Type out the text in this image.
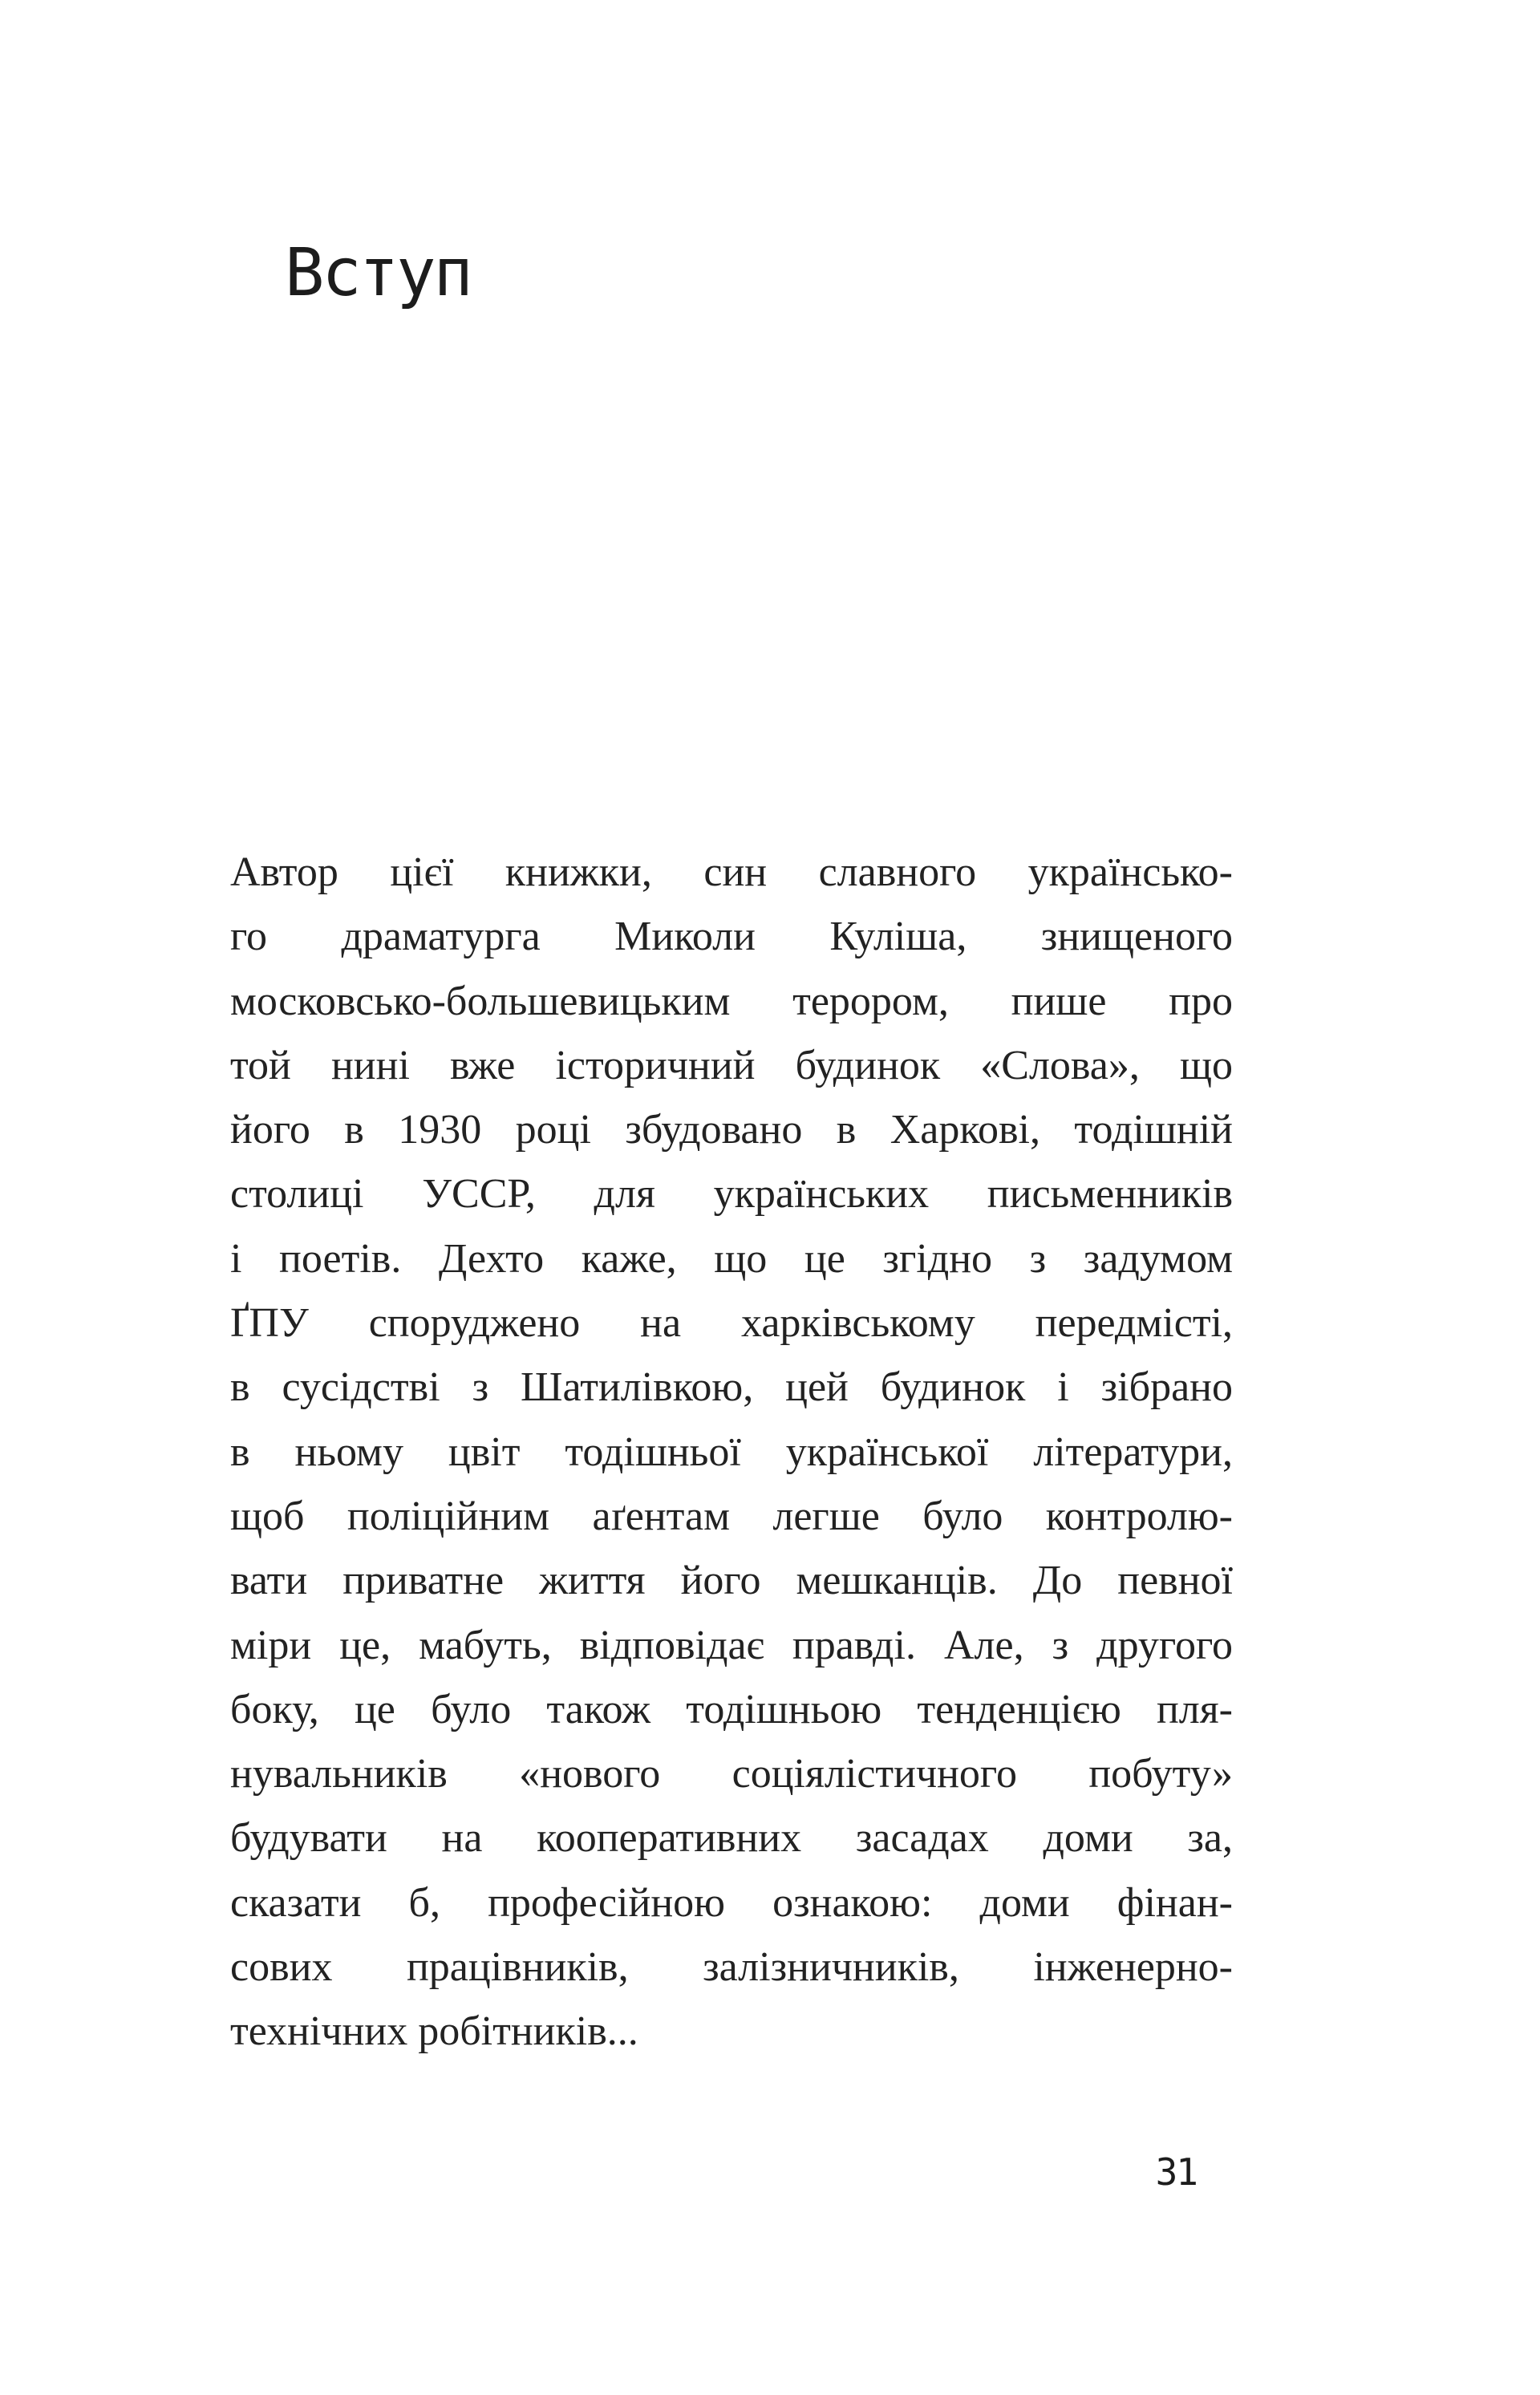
Вступ
Автор цієї книжки, син славного українсько-
го драматурга Миколи Куліша, знищеного
московсько-большевицьким терором, пише про
той нині вже історичний будинок «Слова», що
його в 1930 році збудовано в Харкові, тодішній
столиці УССР, для українських письменників
і поетів. Дехто каже, що це згідно з задумом
ҐПУ споруджено на харківському передмісті,
в сусідстві з Шатилівкою, цей будинок і зібрано
в ньому цвіт тодішньої української літератури,
щоб поліційним аґентам легше було контролю-
вати приватне життя його мешканців. До певної
міри це, мабуть, відповідає правді. Але, з другого
боку, це було також тодішньою тенденцією пля-
нувальників «нового соціялістичного побуту»
будувати на кооперативних засадах доми за,
сказати б, професійною ознакою: доми фінан-
сових працівників, залізничників, інженерно-
технічних робітників...
31
